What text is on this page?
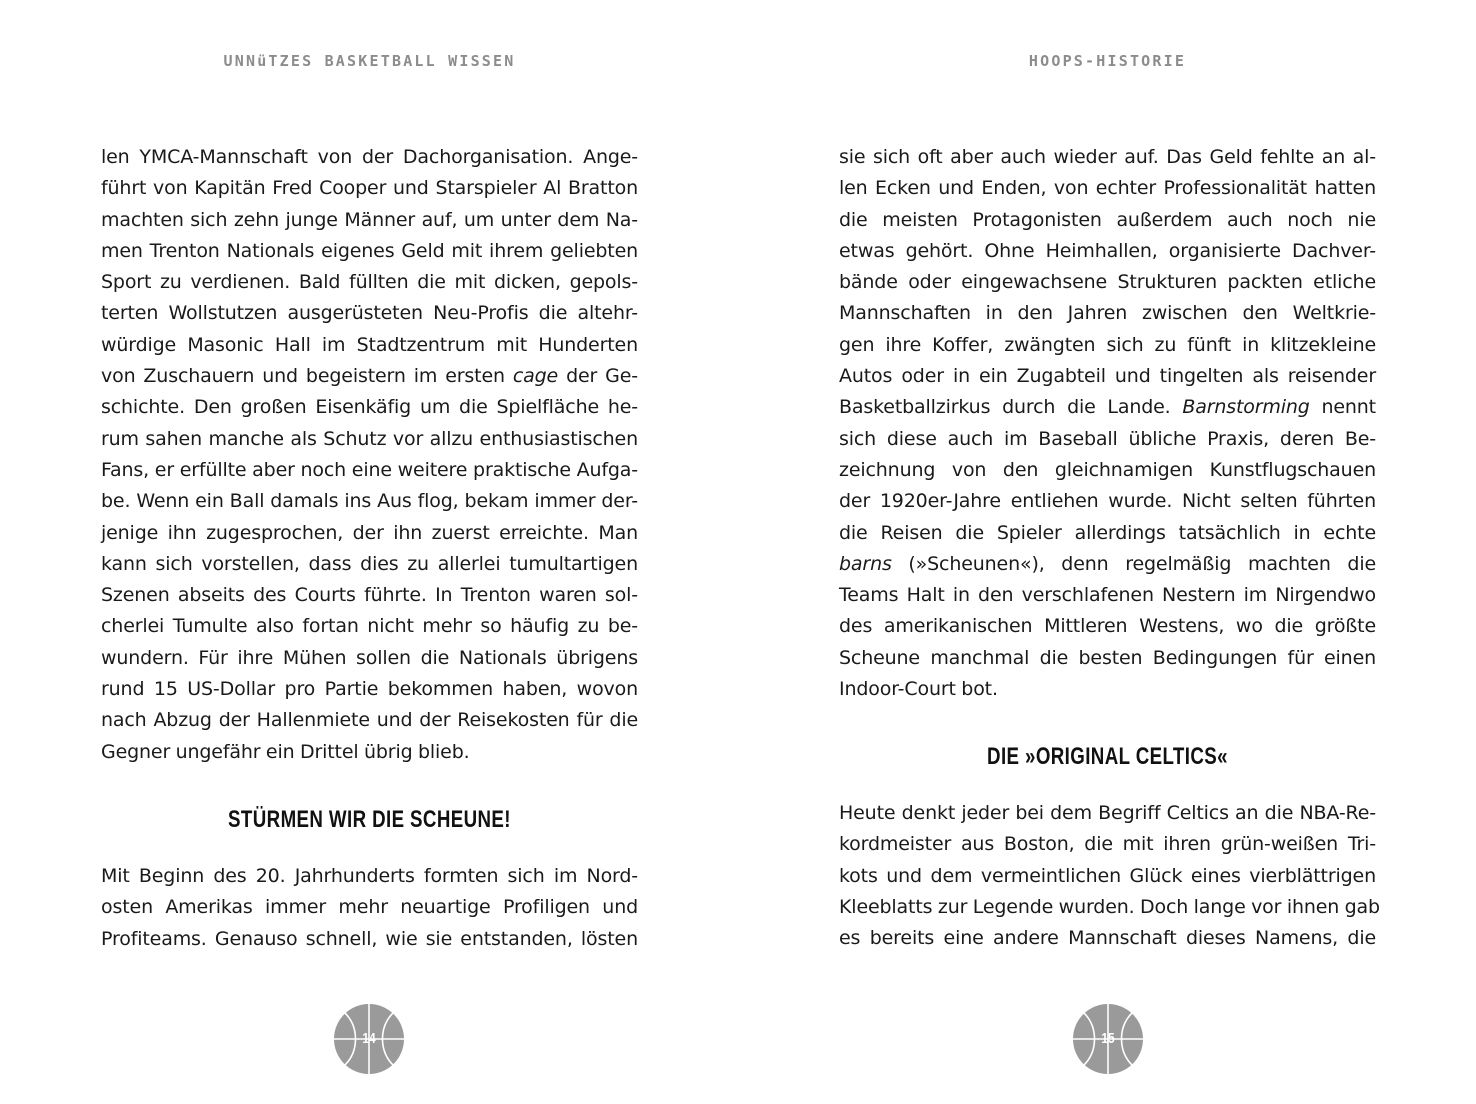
UNNüTZES BASKETBALL WISSEN
len YMCA-Mannschaft von der Dachorganisation. Ange-
führt von Kapitän Fred Cooper und Starspieler Al Bratton
machten sich zehn junge Männer auf, um unter dem Na-
men Trenton Nationals eigenes Geld mit ihrem geliebten
Sport zu verdienen. Bald füllten die mit dicken, gepols-
terten Wollstutzen ausgerüsteten Neu-Profis die altehr-
würdige Masonic Hall im Stadtzentrum mit Hunderten
von Zuschauern und begeistern im ersten cage der Ge-
schichte. Den großen Eisenkäfig um die Spielfläche he-
rum sahen manche als Schutz vor allzu enthusiastischen
Fans, er erfüllte aber noch eine weitere praktische Aufga-
be. Wenn ein Ball damals ins Aus flog, bekam immer der-
jenige ihn zugesprochen, der ihn zuerst erreichte. Man
kann sich vorstellen, dass dies zu allerlei tumultartigen
Szenen abseits des Courts führte. In Trenton waren sol-
cherlei Tumulte also fortan nicht mehr so häufig zu be-
wundern. Für ihre Mühen sollen die Nationals übrigens
rund 15 US-Dollar pro Partie bekommen haben, wovon
nach Abzug der Hallenmiete und der Reisekosten für die
Gegner ungefähr ein Drittel übrig blieb.
STÜRMEN WIR DIE SCHEUNE!
Mit Beginn des 20. Jahrhunderts formten sich im Nord-
osten Amerikas immer mehr neuartige Profiligen und
Profiteams. Genauso schnell, wie sie entstanden, lösten
14
HOOPS-HISTORIE
sie sich oft aber auch wieder auf. Das Geld fehlte an al-
len Ecken und Enden, von echter Professionalität hatten
die meisten Protagonisten außerdem auch noch nie
etwas gehört. Ohne Heimhallen, organisierte Dachver-
bände oder eingewachsene Strukturen packten etliche
Mannschaften in den Jahren zwischen den Weltkrie-
gen ihre Koffer, zwängten sich zu fünft in klitzekleine
Autos oder in ein Zugabteil und tingelten als reisender
Basketballzirkus durch die Lande. Barnstorming nennt
sich diese auch im Baseball übliche Praxis, deren Be-
zeichnung von den gleichnamigen Kunstflugschauen
der 1920er-Jahre entliehen wurde. Nicht selten führten
die Reisen die Spieler allerdings tatsächlich in echte
barns (»Scheunen«), denn regelmäßig machten die
Teams Halt in den verschlafenen Nestern im Nirgendwo
des amerikanischen Mittleren Westens, wo die größte
Scheune manchmal die besten Bedingungen für einen
Indoor-Court bot.
DIE »ORIGINAL CELTICS«
Heute denkt jeder bei dem Begriff Celtics an die NBA-Re-
kordmeister aus Boston, die mit ihren grün-weißen Tri-
kots und dem vermeintlichen Glück eines vierblättrigen
Kleeblatts zur Legende wurden. Doch lange vor ihnen gab
es bereits eine andere Mannschaft dieses Namens, die
15
